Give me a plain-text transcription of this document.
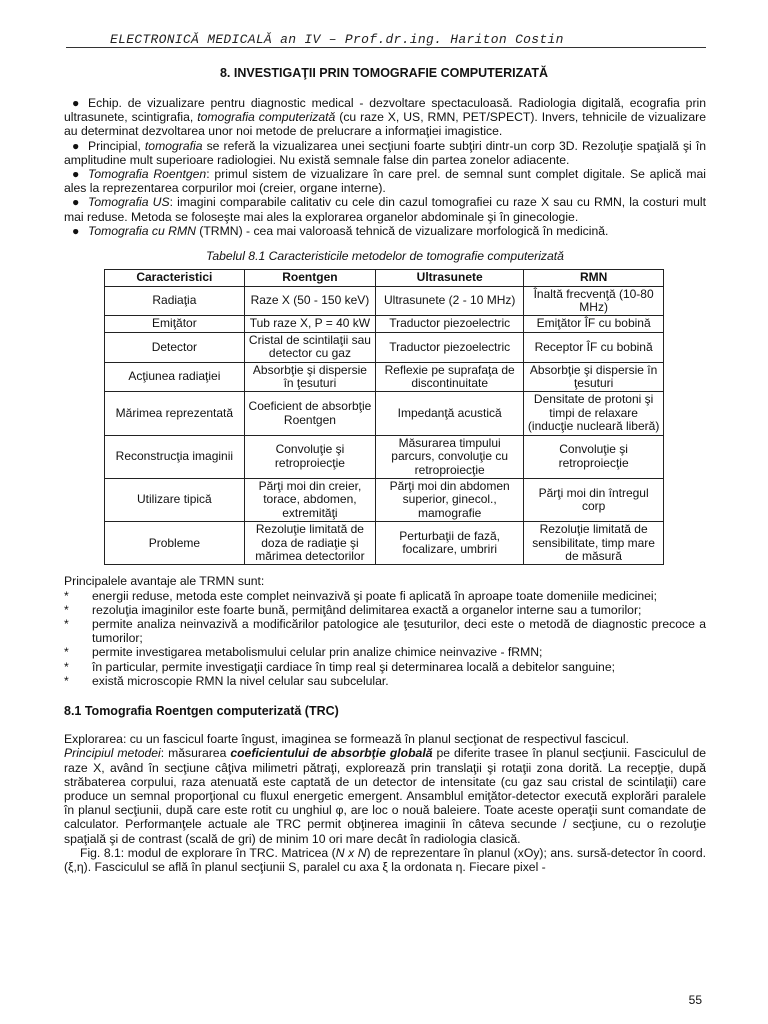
ELECTRONICĂ MEDICALĂ an IV – Prof.dr.ing. Hariton Costin
8. INVESTIGAŢII PRIN TOMOGRAFIE COMPUTERIZATĂ

● Echip. de vizualizare pentru diagnostic medical - dezvoltare spectaculoasă. Radiologia digitală, ecografia prin ultrasunete, scintigrafia, tomografia computerizată (cu raze X, US, RMN, PET/SPECT). Invers, tehnicile de vizualizare au determinat dezvoltarea unor noi metode de prelucrare a informaţiei imagistice.

● Principial, tomografia se referă la vizualizarea unei secţiuni foarte subţiri dintr-un corp 3D. Rezoluţie spaţială şi în amplitudine mult superioare radiologiei. Nu există semnale false din partea zonelor adiacente.

● Tomografia Roentgen: primul sistem de vizualizare în care prel. de semnal sunt complet digitale. Se aplică mai ales la reprezentarea corpurilor moi (creier, organe interne).

● Tomografia US: imagini comparabile calitativ cu cele din cazul tomografiei cu raze X sau cu RMN, la costuri mult mai reduse. Metoda se foloseşte mai ales la explorarea organelor abdominale şi în ginecologie.

● Tomografia cu RMN (TRMN) - cea mai valoroasă tehnică de vizualizare morfologică în medicină.

Tabelul 8.1 Caracteristicile metodelor de tomografie computerizată
Caracteristici	Roentgen	Ultrasunete	RMN
Radiaţia	Raze X (50 - 150 keV)	Ultrasunete (2 - 10 MHz)	Înaltă frecvenţă (10-80 MHz)
Emiţător	Tub raze X, P = 40 kW	Traductor piezoelectric	Emiţător ÎF cu bobină
Detector	Cristal de scintilaţii sau detector cu gaz	Traductor piezoelectric	Receptor ÎF cu bobină
Acţiunea radiaţiei	Absorbţie şi dispersie în ţesuturi	Reflexie pe suprafaţa de discontinuitate	Absorbţie şi dispersie în ţesuturi
Mărimea reprezentată	Coeficient de absorbţie Roentgen	Impedanţă acustică	Densitate de protoni şi timpi de relaxare (inducţie nucleară liberă)
Reconstrucţia imaginii	Convoluţie şi retroproiecţie	Măsurarea timpului parcurs, convoluţie cu retroproiecţie	Convoluţie şi retroproiecţie
Utilizare tipică	Părţi moi din creier, torace, abdomen, extremităţi	Părţi moi din abdomen superior, ginecol., mamografie	Părţi moi din întregul corp
Probleme	Rezoluţie limitată de doza de radiaţie şi mărimea detectorilor	Perturbaţii de fază, focalizare, umbriri	Rezoluţie limitată de sensibilitate, timp mare de măsură
Principalele avantaje ale TRMN sunt:
*	energii reduse, metoda este complet neinvazivă şi poate fi aplicată în aproape toate domeniile medicinei;
*	rezoluţia imaginilor este foarte bună, permiţând delimitarea exactă a organelor interne sau a tumorilor;
*	permite analiza neinvazivă a modificărilor patologice ale ţesuturilor, deci este o metodă de diagnostic precoce a tumorilor;
*	permite investigarea metabolismului celular prin analize chimice neinvazive - fRMN;
*	în particular, permite investigaţii cardiace în timp real şi determinarea locală a debitelor sanguine;
*	există microscopie RMN la nivel celular sau subcelular.
8.1 Tomografia Roentgen computerizată (TRC)

Explorarea: cu un fascicul foarte îngust, imaginea se formează în planul secţionat de respectivul fascicul.

Principiul metodei: măsurarea coeficientului de absorbţie globală pe diferite trasee în planul secţiunii. Fasciculul de raze X, având în secţiune câţiva milimetri pătraţi, explorează prin translaţii şi rotaţii zona dorită. La recepţie, după străbaterea corpului, raza atenuată este captată de un detector de intensitate (cu gaz sau cristal de scintilaţii) care produce un semnal proporţional cu fluxul energetic emergent. Ansamblul emiţător-detector execută explorări paralele în planul secţiunii, după care este rotit cu unghiul φ, are loc o nouă baleiere. Toate aceste operaţii sunt comandate de calculator. Performanţele actuale ale TRC permit obţinerea imaginii în câteva secunde / secţiune, cu o rezoluţie spaţială şi de contrast (scală de gri) de minim 10 ori mare decât în radiologia clasică.

Fig. 8.1: modul de explorare în TRC. Matricea (N x N) de reprezentare în planul (xOy); ans. sursă-detector în coord. (ξ,η). Fasciculul se află în planul secţiunii S, paralel cu axa ξ la ordonata η. Fiecare pixel -

55
